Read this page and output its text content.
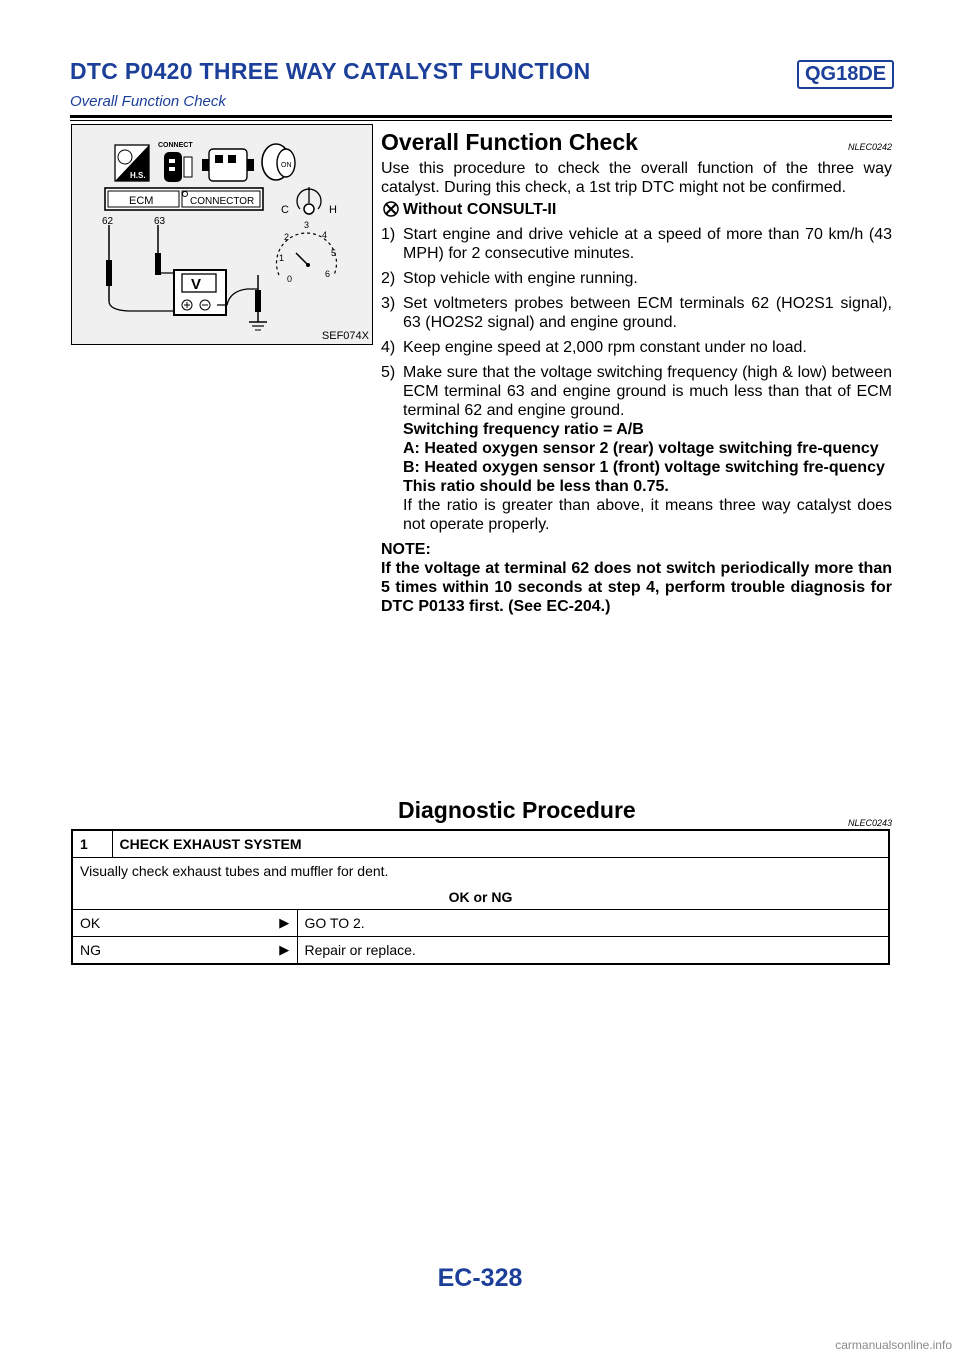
DTC P0420 THREE WAY CATALYST FUNCTION	QG18DE
Overall Function Check
H.S.
CONNECT
ON
ECM	CONNECTOR
62	63
V
C	H
0
1
2
3
4
5
6
SEF074X
Overall Function Check	NLEC0242

Use this procedure to check the overall function of the three way catalyst. During this check, a 1st trip DTC might not be confirmed.

Without CONSULT-II
1) Start engine and drive vehicle at a speed of more than 70 km/h (43 MPH) for 2 consecutive minutes.
2) Stop vehicle with engine running.
3) Set voltmeters probes between ECM terminals 62 (HO2S1 signal), 63 (HO2S2 signal) and engine ground.
4) Keep engine speed at 2,000 rpm constant under no load.
5) Make sure that the voltage switching frequency (high & low) between ECM terminal 63 and engine ground is much less than that of ECM terminal 62 and engine ground.
Switching frequency ratio = A/B
A: Heated oxygen sensor 2 (rear) voltage switching fre-quency
B: Heated oxygen sensor 1 (front) voltage switching fre-quency
This ratio should be less than 0.75.

If the ratio is greater than above, it means three way catalyst does not operate properly.

NOTE:

If the voltage at terminal 62 does not switch periodically more than 5 times within 10 seconds at step 4, perform trouble diagnosis for DTC P0133 first. (See EC-204.)

Diagnostic Procedure	NLEC0243
1	CHECK EXHAUST SYSTEM		

Visually check exhaust tubes and muffler for dent.
OK or NG			

OK		▶	GO TO 2.
NG		▶	Repair or replace.
EC-328
carmanualsonline.info
